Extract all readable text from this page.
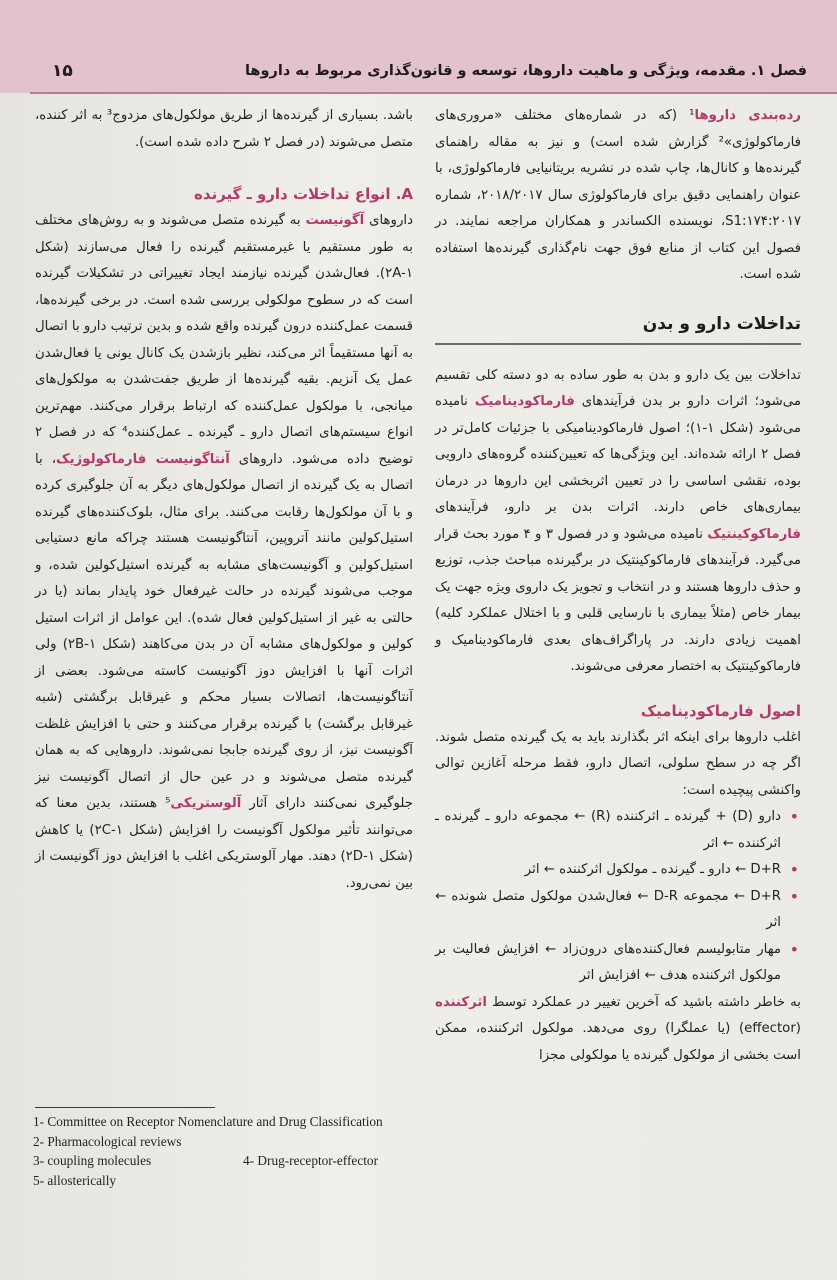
فصل ۱. مقدمه، ویژگی و ماهیت داروها، توسعه و قانون‌گذاری مربوط به داروها
۱۵

رده‌بندی داروها¹ (که در شماره‌های مختلف «مروری‌های فارماکولوژی»² گزارش شده است) و نیز به مقاله راهنمای گیرنده‌ها و کانال‌ها، چاپ شده در نشریه بریتانیایی فارماکولوژی، با عنوان راهنمایی دقیق برای فارماکولوژی سال ۲۰۱۸/۲۰۱۷، شماره S1:۱۷۴:۲۰۱۷، نویسنده الکساندر و همکاران مراجعه نمایند. در فصول این کتاب از منابع فوق جهت نام‌گذاری گیرنده‌ها استفاده شده است.

تداخلات دارو و بدن

تداخلات بین یک دارو و بدن به طور ساده به دو دسته کلی تقسیم می‌شود؛ اثرات دارو بر بدن فرآیندهای فارماکودینامیک نامیده می‌شود (شکل ۱-۱)؛ اصول فارماکودینامیکی با جزئیات کامل‌تر در فصل ۲ ارائه شده‌اند. این ویژگی‌ها که تعیین‌کننده گروه‌های دارویی بوده، نقشی اساسی را در تعیین اثربخشی این داروها در درمان بیماری‌های خاص دارند. اثرات بدن بر دارو، فرآیندهای فارماکوکینتیک نامیده می‌شود و در فصول ۳ و ۴ مورد بحث قرار می‌گیرد. فرآیندهای فارماکوکینتیک در برگیرنده مباحث جذب، توزیع و حذف داروها هستند و در انتخاب و تجویز یک داروی ویژه جهت یک بیمار خاص (مثلاً بیماری با نارسایی قلبی و با اختلال عملکرد کلیه) اهمیت زیادی دارند. در پاراگراف‌های بعدی فارماکودینامیک و فارماکوکینتیک به اختصار معرفی می‌شوند.

اصول فارماکودینامیک

اغلب داروها برای اینکه اثر بگذارند باید به یک گیرنده متصل شوند. اگر چه در سطح سلولی، اتصال دارو، فقط مرحله آغازین توالی واکنشی پیچیده است:

• دارو (D) + گیرنده ـ اثرکننده (R) ← مجموعه دارو ـ گیرنده ـ اثرکننده ← اثر
• D+R ← دارو ـ گیرنده ـ مولکول اثرکننده ← اثر
• D+R ← مجموعه D-R ← فعال‌شدن مولکول متصل شونده ← اثر
• مهار متابولیسم فعال‌کننده‌های درون‌زاد ← افزایش فعالیت بر مولکول اثرکننده هدف ← افزایش اثر

به خاطر داشته باشید که آخرین تغییر در عملکرد توسط اثرکننده (effector) (یا عملگرا) روی می‌دهد. مولکول اثرکننده، ممکن است بخشی از مولکول گیرنده یا مولکولی مجزا

باشد. بسیاری از گیرنده‌ها از طریق مولکول‌های مزدوج³ به اثر کننده، متصل می‌شوند (در فصل ۲ شرح داده شده است).

A. انواع تداخلات دارو ـ گیرنده

داروهای آگونیست به گیرنده متصل می‌شوند و به روش‌های مختلف به طور مستقیم یا غیرمستقیم گیرنده را فعال می‌سازند (شکل ۲A-۱). فعال‌شدن گیرنده نیازمند ایجاد تغییراتی در تشکیلات گیرنده است که در سطوح مولکولی بررسی شده است. در برخی گیرنده‌ها، قسمت عمل‌کننده درون گیرنده واقع شده و بدین ترتیب دارو با اتصال به آنها مستقیماً اثر می‌کند، نظیر بازشدن یک کانال یونی یا فعال‌شدن عمل یک آنزیم. بقیه گیرنده‌ها از طریق جفت‌شدن به مولکول‌های میانجی، با مولکول عمل‌کننده که ارتباط برقرار می‌کنند. مهم‌ترین انواع سیستم‌های اتصال دارو ـ گیرنده ـ عمل‌کننده⁴ که در فصل ۲ توضیح داده می‌شود. داروهای آنتاگونیست فارماکولوژیک، با اتصال به یک گیرنده از اتصال مولکول‌های دیگر به آن جلوگیری کرده و با آن مولکول‌ها رقابت می‌کنند. برای مثال، بلوک‌کننده‌های گیرنده استیل‌کولین مانند آتروپین، آنتاگونیست هستند چراکه مانع دستیابی استیل‌کولین و آگونیست‌های مشابه به گیرنده استیل‌کولین شده، و موجب می‌شوند گیرنده در حالت غیرفعال خود پایدار بماند (یا در حالتی به غیر از استیل‌کولین فعال شده). این عوامل از اثرات استیل کولین و مولکول‌های مشابه آن در بدن می‌کاهند (شکل ۲B-۱) ولی اثرات آنها با افزایش دوز آگونیست کاسته می‌شود. بعضی از آنتاگونیست‌ها، اتصالات بسیار محکم و غیرقابل برگشتی (شبه غیرقابل برگشت) با گیرنده برقرار می‌کنند و حتی با افزایش غلظت آگونیست نیز، از روی گیرنده جابجا نمی‌شوند. داروهایی که به همان گیرنده متصل می‌شوند و در عین حال از اتصال آگونیست نیز جلوگیری نمی‌کنند دارای آثار آلوستریکی⁵ هستند، بدین معنا که می‌توانند تأثیر مولکول آگونیست را افزایش (شکل ۲C-۱) یا کاهش (شکل ۲D-۱) دهند. مهار آلوستریکی اغلب با افزایش دوز آگونیست از بین نمی‌رود.

1- Committee on Receptor Nomenclature and Drug Classification
2- Pharmacological reviews
3- coupling molecules	4- Drug-receptor-effector
5- allosterically
